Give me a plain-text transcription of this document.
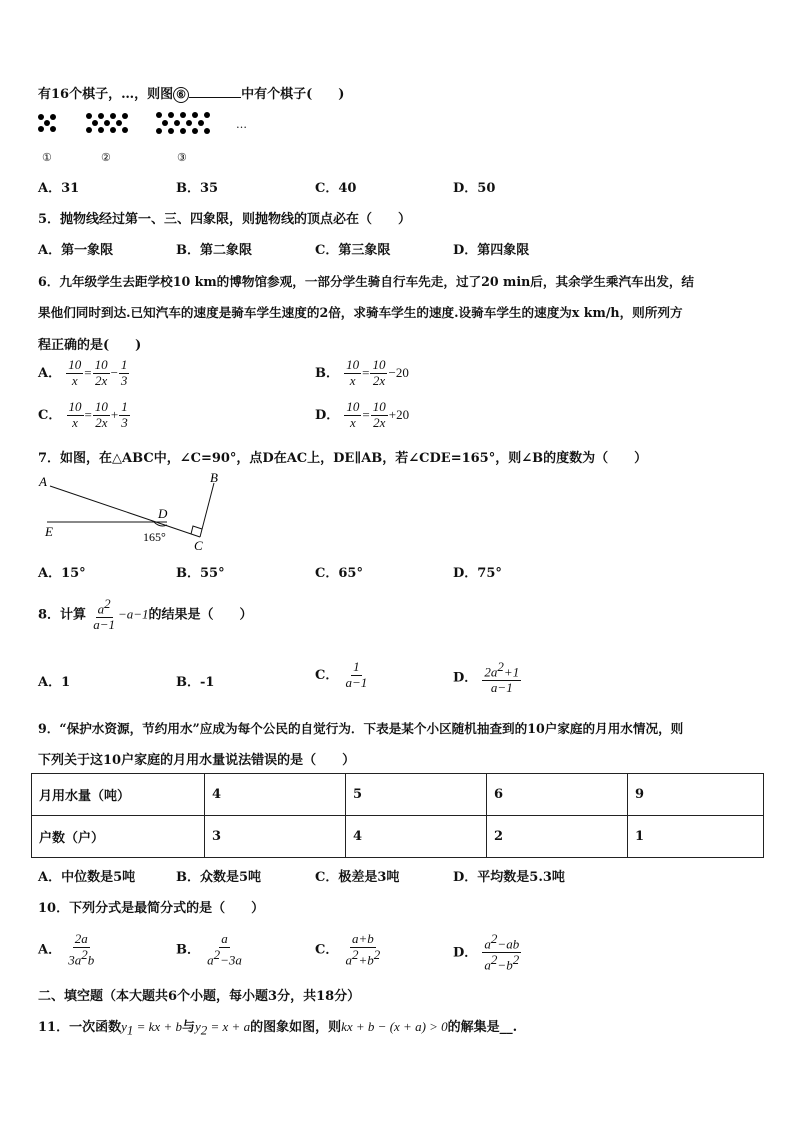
有16个棋子，…，则图 ⑥	中有个棋子(　　)
…
①	②	③
A．31	B．35	C．40	D．50
5．抛物线经过第一、三、四象限，则抛物线的顶点必在（　　）
A．第一象限	B．第二象限	C．第三象限	D．第四象限
6．九年级学生去距学校10 km的博物馆参观，一部分学生骑自行车先走，过了20 min后，其余学生乘汽车出发，结
果他们同时到达.已知汽车的速度是骑车学生速度的2倍，求骑车学生的速度.设骑车学生的速度为x km/h，则所列方
程正确的是(　　)
A． $\frac{10}{x} = \frac{10}{2x} - \frac{1}{3}$	B． $\frac{10}{x} = \frac{10}{2x} -20$
C． $\frac{10}{x} = \frac{10}{2x} + \frac{1}{3}$	D． $\frac{10}{x} = \frac{10}{2x} +20$
7．如图，在△ABC中，∠C=90°，点D在AC上，DE∥AB，若∠CDE=165°，则∠B的度数为（　　）
A	B
C
D
E	165°
A．15°	B．55°	C．65°	D．75°
8．计算 $\frac{a^2}{a-1} -a-1$的结果是（　　）
A．1	B．-1	C． $\frac{1}{a-1}$	D． $\frac{2a^2+1}{a-1}$
9．“保护水资源，节约用水”应成为每个公民的自觉行为．下表是某个小区随机抽查到的10户家庭的月用水情况，则
下列关于这10户家庭的月用水量说法错误的是（　　）
月用水量（吨）	4	5	6	9
户数（户）	3	4	2	1
A．中位数是5吨	B．众数是5吨	C．极差是3吨	D．平均数是5.3吨
10．下列分式是最简分式的是（　　）
A． $\frac{2a}{3a^2b}$	B． $\frac{a}{a^2-3a}$	C． $\frac{a+b}{a^2+b^2}$	D． $\frac{a^2-ab}{a^2-b^2}$
二、填空题（本大题共6个小题，每小题3分，共18分）
11．一次函数$y_1$ = kx + b与$y_2 = x + a$的图象如图，则kx + b − (x + a) > 0的解集是__.
